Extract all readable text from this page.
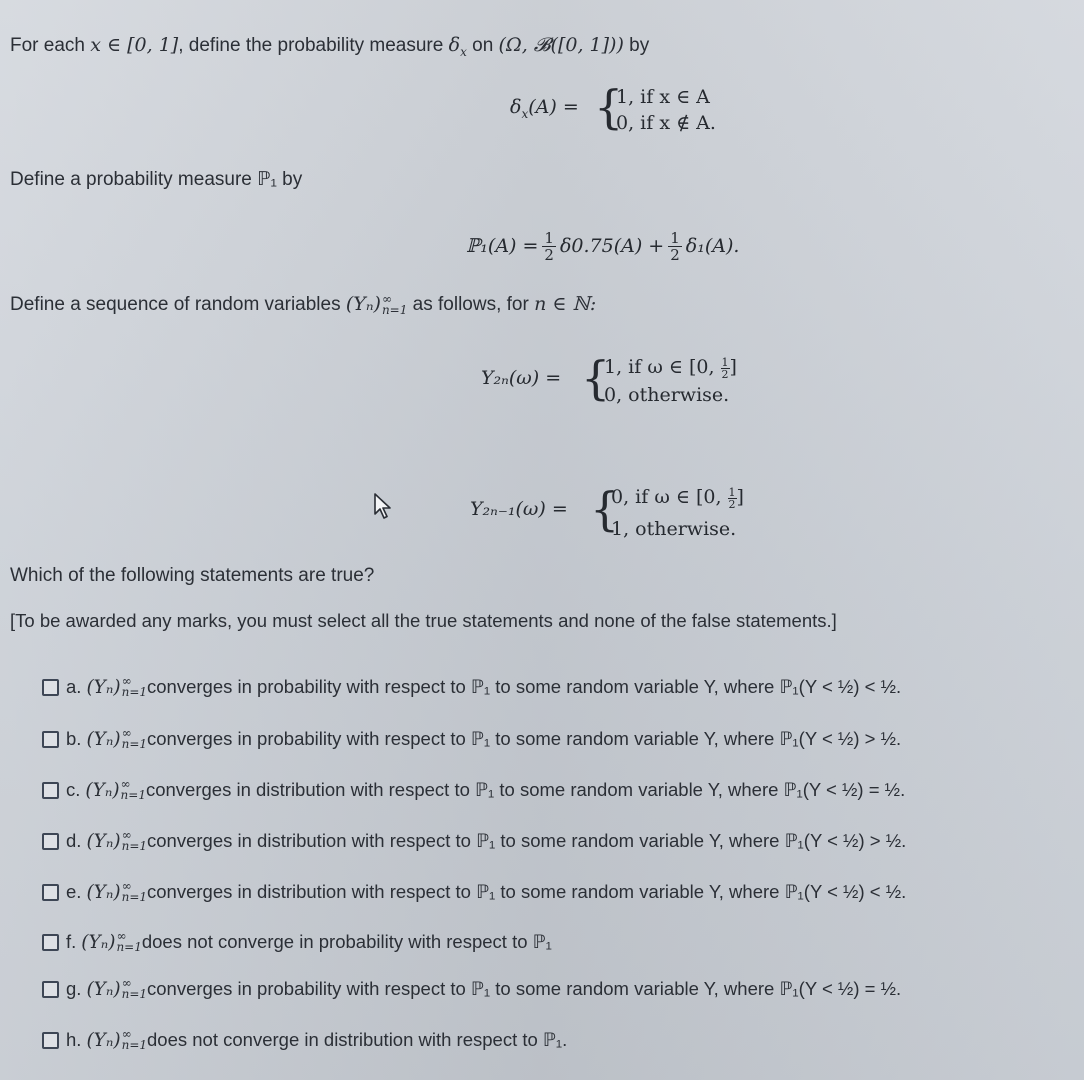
For each x ∈ [0, 1], define the probability measure $\delta_x$ on (Ω, 𝓑([0, 1])) by
$\delta_x(A)$ = {
1, if x ∈ A
0, if x ∉ A.
Define a probability measure ℙ₁ by
ℙ₁(A) = $\frac{1}{2} \delta 0.75(A) + \frac{1}{2} \delta_1(A)$.
Define a sequence of random variables (Yₙ) ∞
n=1 as follows, for n ∈ ℕ:
Y₂ₙ(ω) = {
1, if ω ∈ [0, $\frac{1}{2}$ ]
0, otherwise.
Y₂ₙ₋₁(ω) = {
0, if ω ∈ [0, $\frac{1}{2}$ ]
1, otherwise.
Which of the following statements are true?
[To be awarded any marks, you must select all the true statements and none of the false statements.]
a. (Yₙ) ∞
n=1 converges in probability with respect to ℙ₁ to some random variable Y, where ℙ₁(Y < ½) < ½.
b. (Yₙ) ∞
n=1 converges in probability with respect to ℙ₁ to some random variable Y, where ℙ₁(Y < ½) > ½.
c. (Yₙ) ∞
n=1 converges in distribution with respect to ℙ₁ to some random variable Y, where ℙ₁(Y < ½) = ½.
d. (Yₙ) ∞
n=1 converges in distribution with respect to ℙ₁ to some random variable Y, where ℙ₁(Y < ½) > ½.
e. (Yₙ) ∞
n=1 converges in distribution with respect to ℙ₁ to some random variable Y, where ℙ₁(Y < ½) < ½.
f. (Yₙ) ∞
n=1 does not converge in probability with respect to ℙ₁
g. (Yₙ) ∞
n=1 converges in probability with respect to ℙ₁ to some random variable Y, where ℙ₁(Y < ½) = ½.
h. (Yₙ) ∞
n=1 does not converge in distribution with respect to ℙ₁.
